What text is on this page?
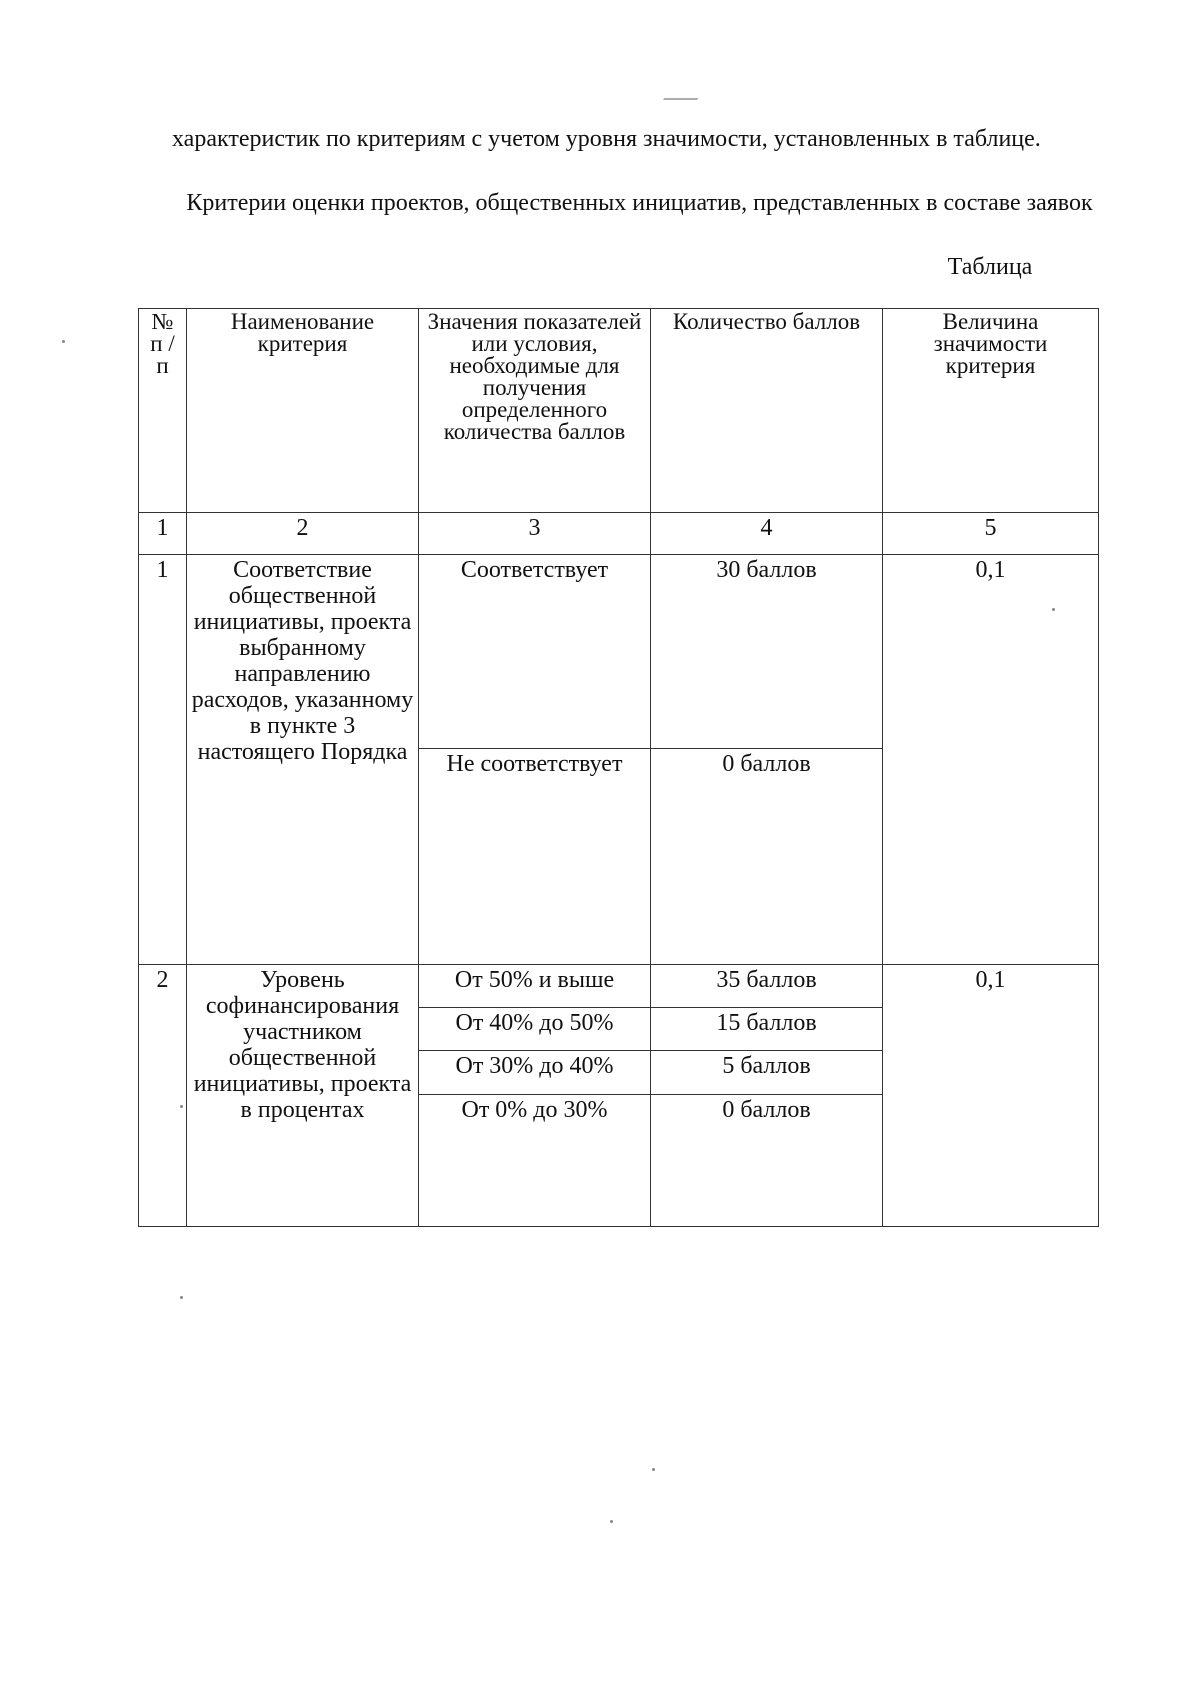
характеристик по критериям с учетом уровня значимости, установленных в таблице.

Критерии оценки проектов, общественных инициатив, представленных в составе заявок

Таблица

№ п / п	Наименование критерия	Значения показателей или условия, необходимые для получения определенного количества баллов	Количество баллов	Величина значимости критерия
1	2	3	4	5
1	Соответствие общественной инициативы, проекта выбранному направлению расходов, указанному в пункте 3 настоящего Порядка	Соответствует	30 баллов	0,1
		Не соответствует	0 баллов	
2	Уровень софинансирования участником общественной инициативы, проекта в процентах	От 50% и выше	35 баллов	0,1
		От 40% до 50%	15 баллов	
		От 30% до 40%	5 баллов	
		От 0% до 30%	0 баллов	
